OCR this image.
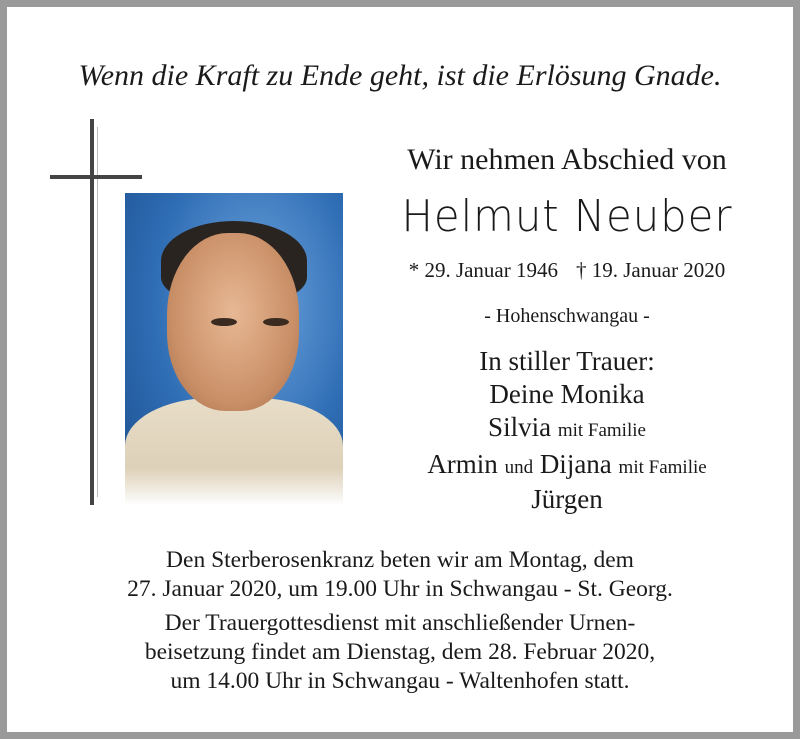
Wenn die Kraft zu Ende geht, ist die Erlösung Gnade.
Wir nehmen Abschied von
Helmut Neuber
* 29. Januar 1946 † 19. Januar 2020
- Hohenschwangau -
In stiller Trauer:
Deine Monika
Silvia mit Familie
Armin und Dijana mit Familie
Jürgen
Den Sterberosenkranz beten wir am Montag, dem
27. Januar 2020, um 19.00 Uhr in Schwangau - St. Georg.
Der Trauergottesdienst mit anschließender Urnen-
beisetzung findet am Dienstag, dem 28. Februar 2020,
um 14.00 Uhr in Schwangau - Waltenhofen statt.
